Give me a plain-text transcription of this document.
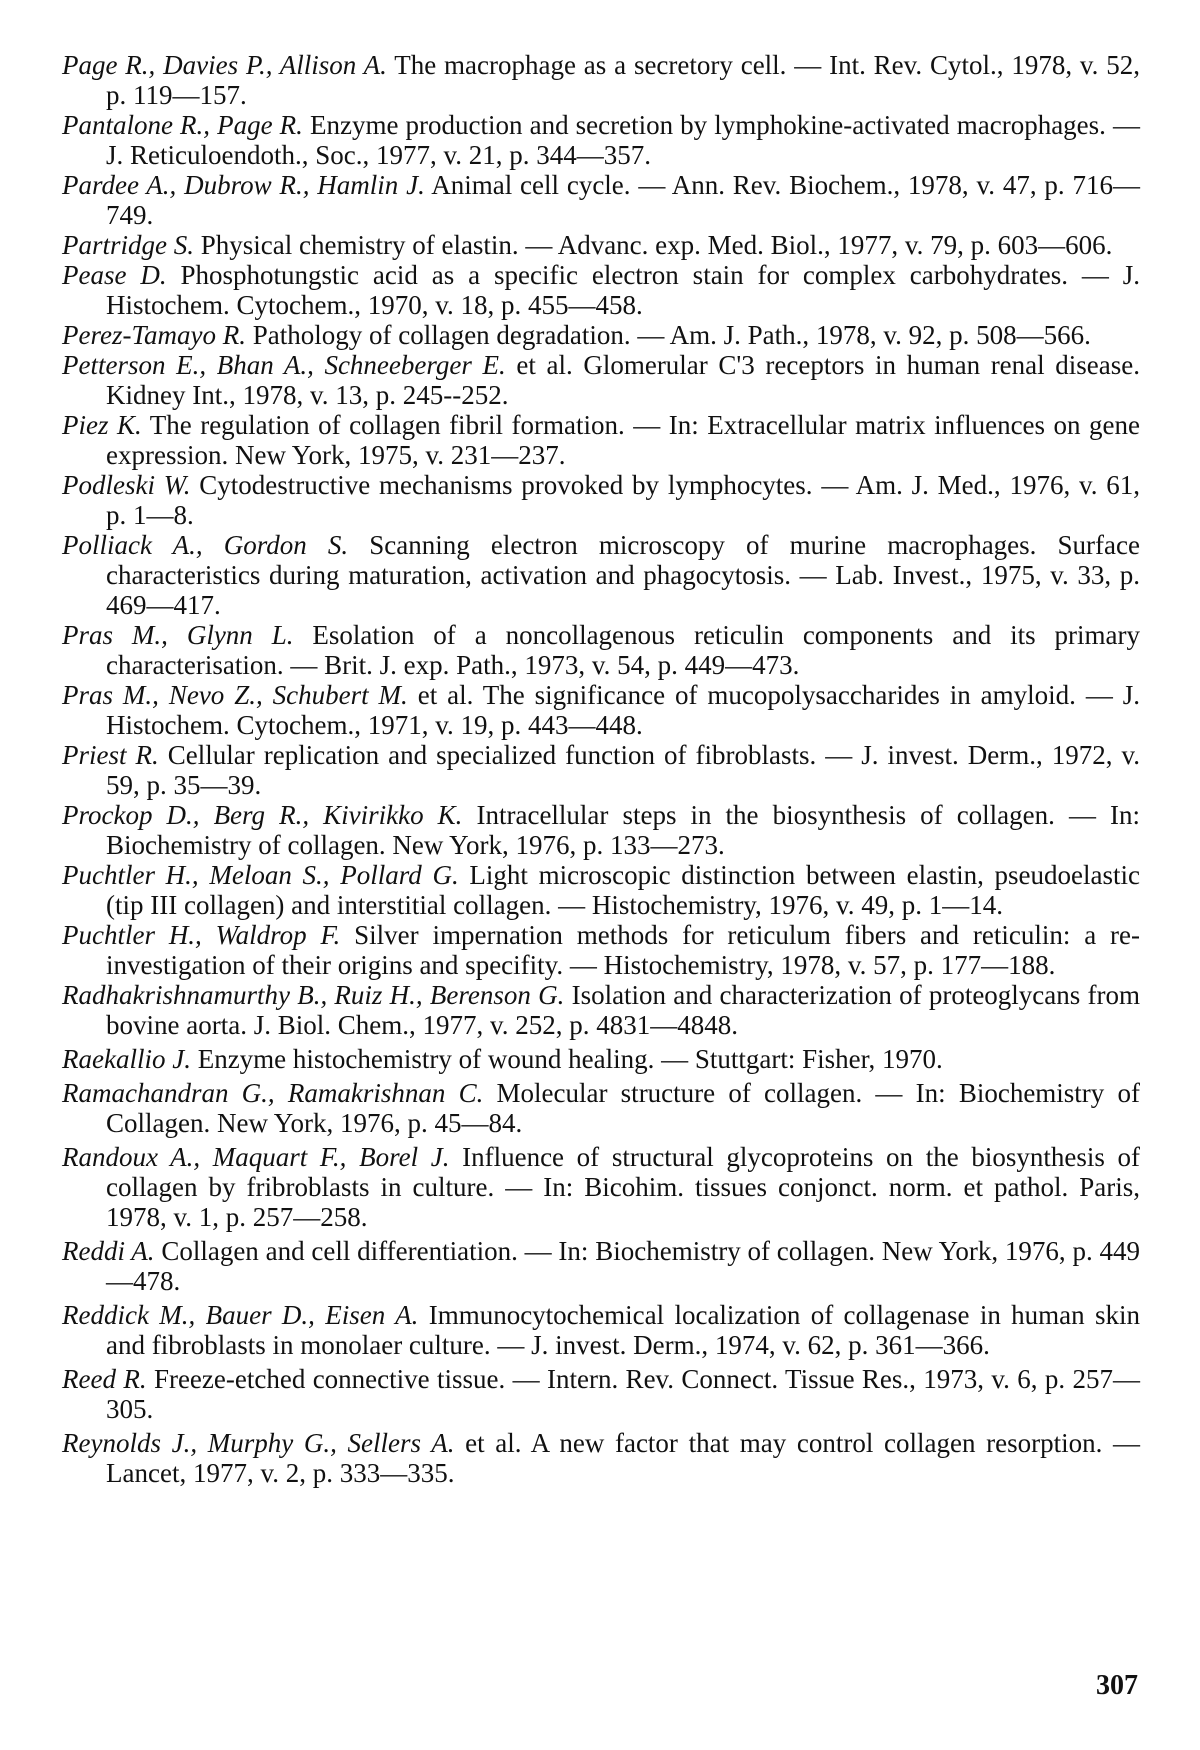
Page R., Davies P., Allison A. The macrophage as a secretory cell. — Int. Rev. Cytol., 1978, v. 52, p. 119—157.
Pantalone R., Page R. Enzyme production and secretion by lymphokine-activated macrophages. — J. Reticuloendoth., Soc., 1977, v. 21, p. 344—357.
Pardee A., Dubrow R., Hamlin J. Animal cell cycle. — Ann. Rev. Biochem., 1978, v. 47, p. 716—749.
Partridge S. Physical chemistry of elastin. — Advanc. exp. Med. Biol., 1977, v. 79, p. 603—606.
Pease D. Phosphotungstic acid as a specific electron stain for complex carbohydrates. — J. Histochem. Cytochem., 1970, v. 18, p. 455—458.
Perez-Tamayo R. Pathology of collagen degradation. — Am. J. Path., 1978, v. 92, p. 508—566.
Petterson E., Bhan A., Schneeberger E. et al. Glomerular C'3 receptors in human renal disease. Kidney Int., 1978, v. 13, p. 245--252.
Piez K. The regulation of collagen fibril formation. — In: Extracellular matrix influences on gene expression. New York, 1975, v. 231—237.
Podleski W. Cytodestructive mechanisms provoked by lymphocytes. — Am. J. Med., 1976, v. 61, p. 1—8.
Polliack A., Gordon S. Scanning electron microscopy of murine macrophages. Surface characteristics during maturation, activation and phagocytosis. — Lab. Invest., 1975, v. 33, p. 469—417.
Pras M., Glynn L. Esolation of a noncollagenous reticulin components and its primary characterisation. — Brit. J. exp. Path., 1973, v. 54, p. 449—473.
Pras M., Nevo Z., Schubert M. et al. The significance of mucopolysaccharides in amyloid. — J. Histochem. Cytochem., 1971, v. 19, p. 443—448.
Priest R. Cellular replication and specialized function of fibroblasts. — J. invest. Derm., 1972, v. 59, p. 35—39.
Prockop D., Berg R., Kivirikko K. Intracellular steps in the biosynthesis of collagen. — In: Biochemistry of collagen. New York, 1976, p. 133—273.
Puchtler H., Meloan S., Pollard G. Light microscopic distinction between elastin, pseudoelastic (tip III collagen) and interstitial collagen. — Histochemistry, 1976, v. 49, p. 1—14.
Puchtler H., Waldrop F. Silver impernation methods for reticulum fibers and reticulin: a re-investigation of their origins and specifity. — Histochemistry, 1978, v. 57, p. 177—188.
Radhakrishnamurthy B., Ruiz H., Berenson G. Isolation and characterization of proteoglycans from bovine aorta. J. Biol. Chem., 1977, v. 252, p. 4831—4848.
Raekallio J. Enzyme histochemistry of wound healing. — Stuttgart: Fisher, 1970.
Ramachandran G., Ramakrishnan C. Molecular structure of collagen. — In: Biochemistry of Collagen. New York, 1976, p. 45—84.
Randoux A., Maquart F., Borel J. Influence of structural glycoproteins on the biosynthesis of collagen by fribroblasts in culture. — In: Bicohim. tissues conjonct. norm. et pathol. Paris, 1978, v. 1, p. 257—258.
Reddi A. Collagen and cell differentiation. — In: Biochemistry of collagen. New York, 1976, p. 449—478.
Reddick M., Bauer D., Eisen A. Immunocytochemical localization of collagenase in human skin and fibroblasts in monolaer culture. — J. invest. Derm., 1974, v. 62, p. 361—366.
Reed R. Freeze-etched connective tissue. — Intern. Rev. Connect. Tissue Res., 1973, v. 6, p. 257—305.
Reynolds J., Murphy G., Sellers A. et al. A new factor that may control collagen resorption. — Lancet, 1977, v. 2, p. 333—335.
307
